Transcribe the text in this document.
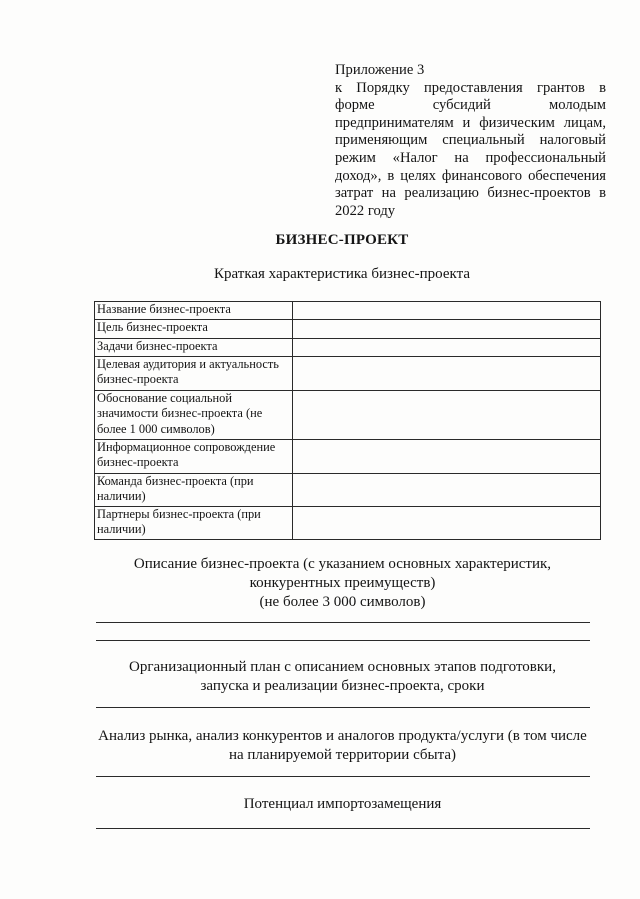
Приложение 3
к Порядку предоставления грантов в
форме субсидий молодым
предпринимателям и физическим лицам,
применяющим специальный налоговый
режим «Налог на профессиональный
доход», в целях финансового обеспечения
затрат на реализацию бизнес-проектов в
2022 году
БИЗНЕС-ПРОЕКТ
Краткая характеристика бизнес-проекта
Название бизнес-проекта	
Цель бизнес-проекта	
Задачи бизнес-проекта	
Целевая аудитория и актуальность бизнес-проекта	
Обоснование социальной значимости бизнес-проекта (не более 1 000 символов)	
Информационное сопровождение бизнес-проекта	
Команда бизнес-проекта (при наличии)	
Партнеры бизнес-проекта (при наличии)	
Описание бизнес-проекта (с указанием основных характеристик,
конкурентных преимуществ)
(не более 3 000 символов)
Организационный план с описанием основных этапов подготовки,
запуска и реализации бизнес-проекта, сроки
Анализ рынка, анализ конкурентов и аналогов продукта/услуги (в том числе
на планируемой территории сбыта)
Потенциал импортозамещения
